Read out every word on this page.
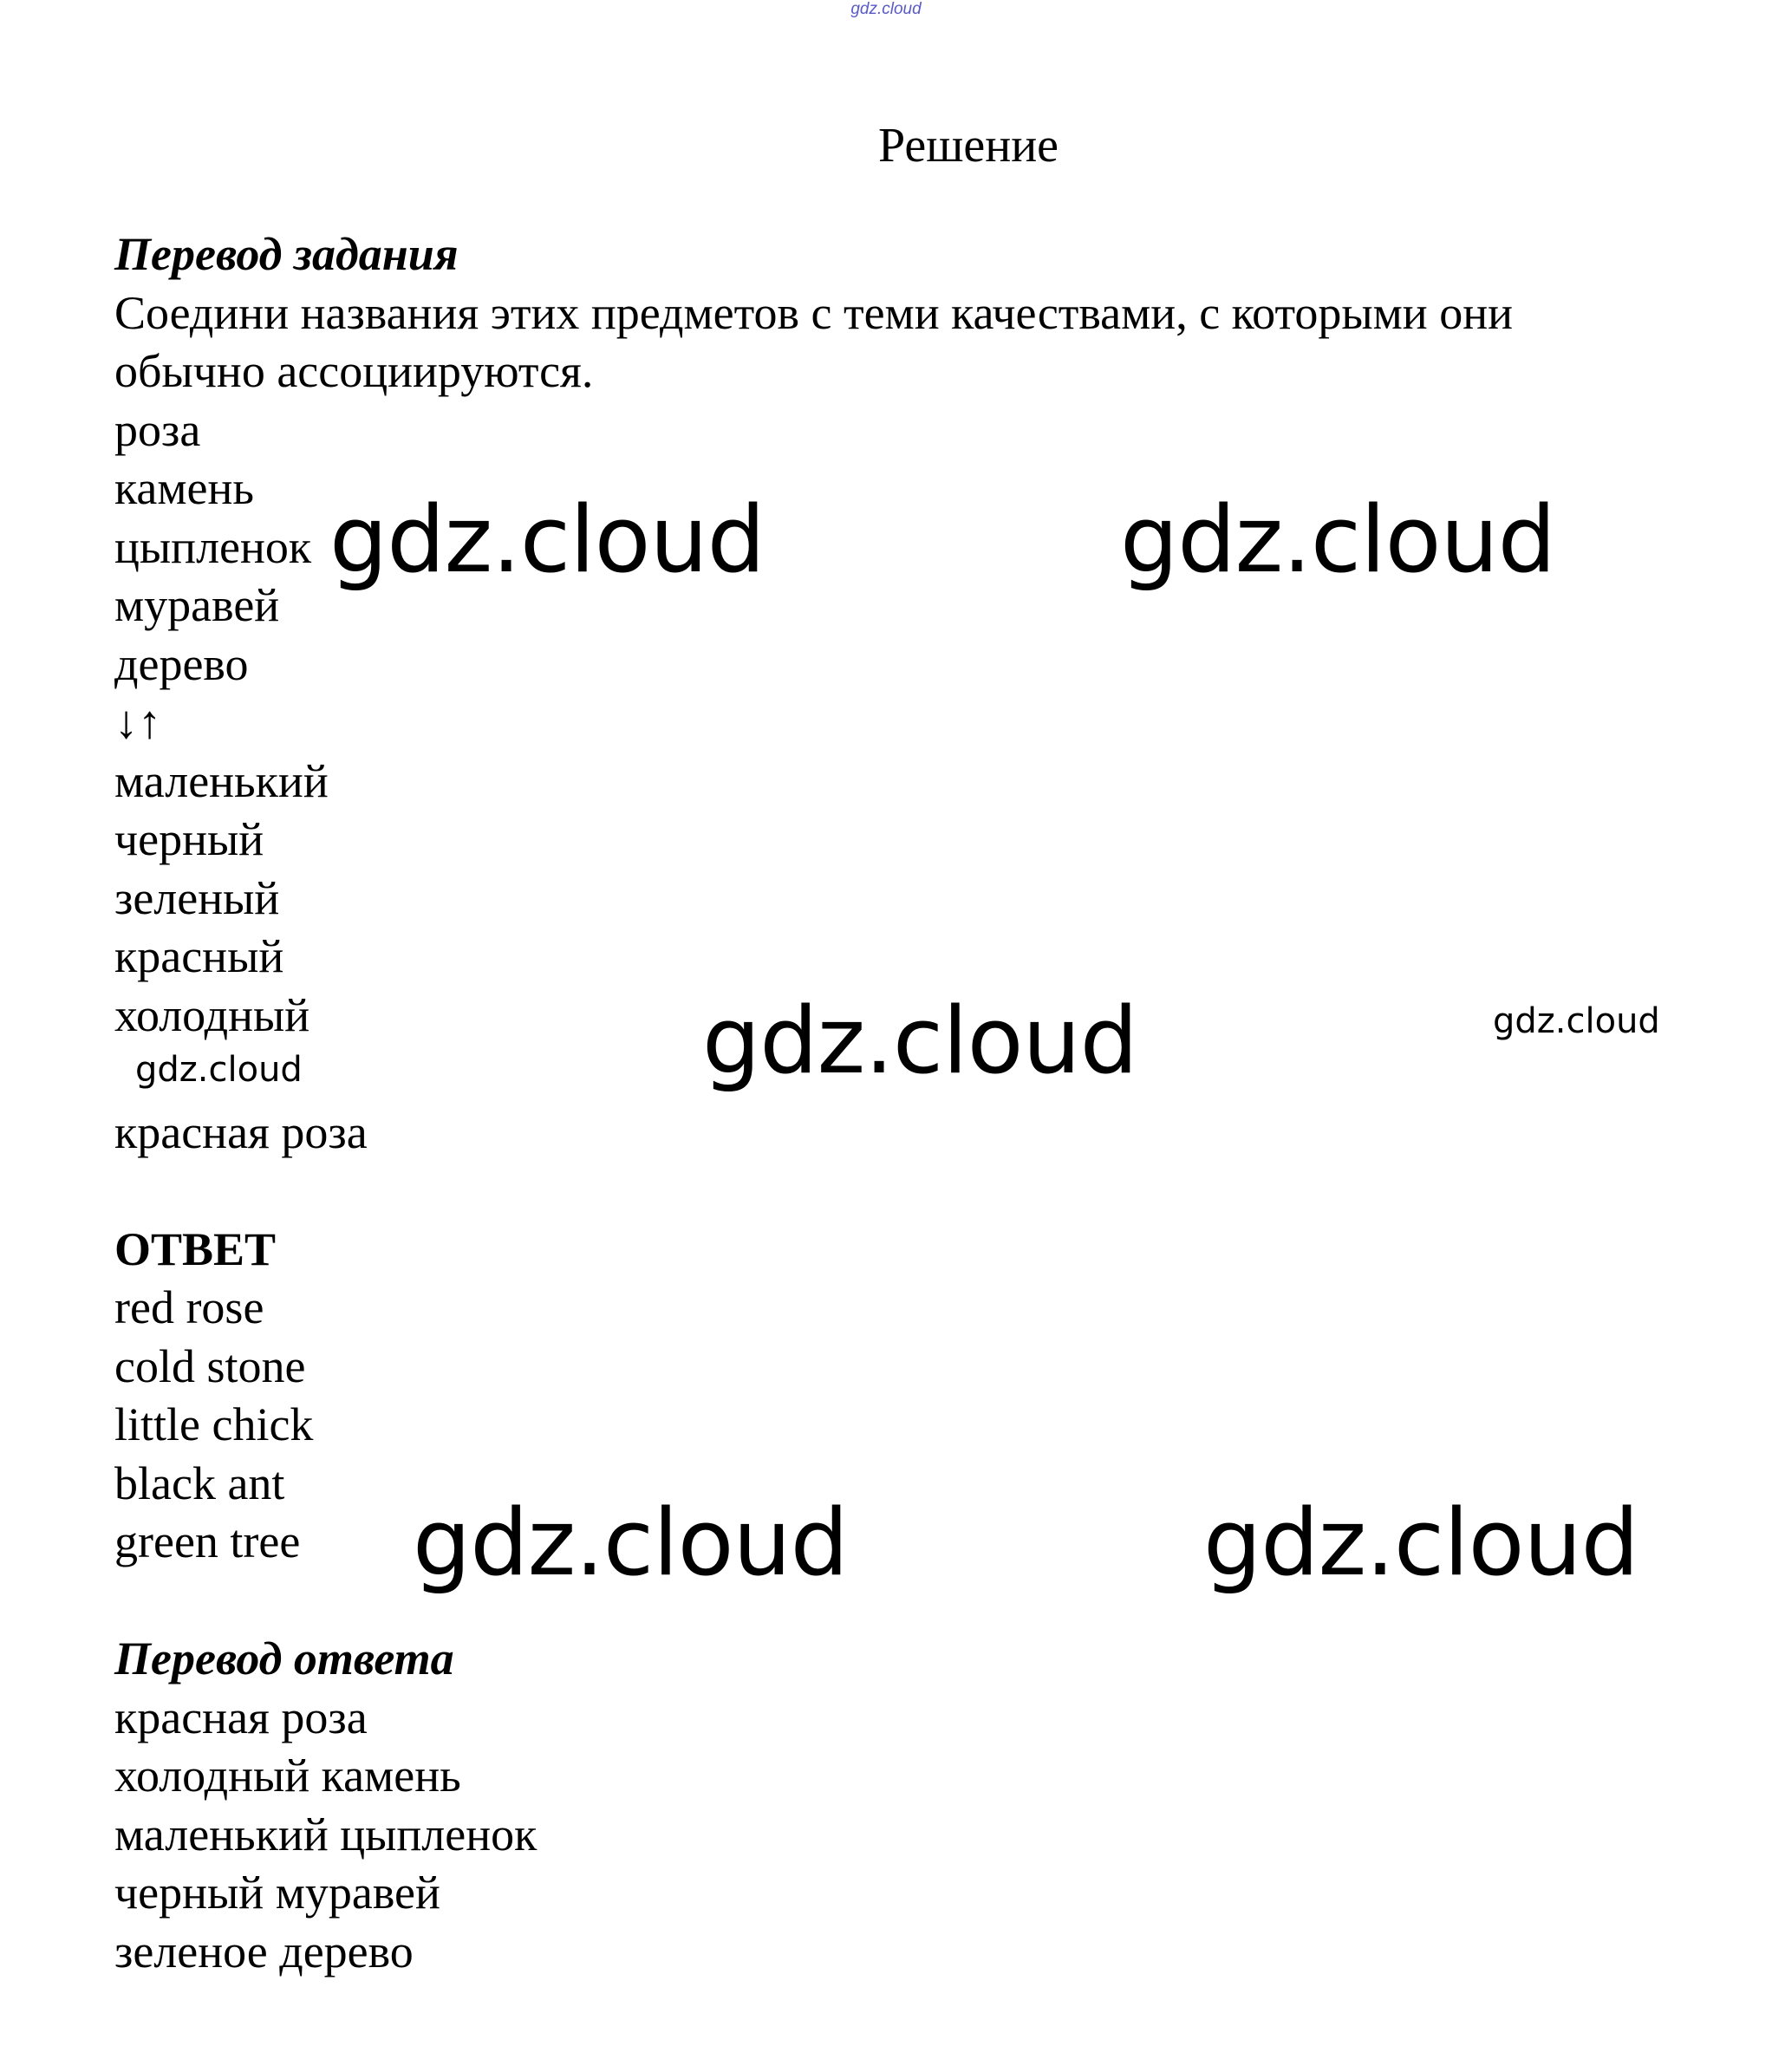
gdz.cloud
Решение

Перевод задания

Соедини названия этих предметов с теми качествами, с которыми они

обычно ассоциируются.

роза

камень

цыпленок

муравей

дерево

↓↑

маленький

черный

зеленый

красный

холодный

красная роза

ОТВЕТ

red rose

cold stone

little chick

black ant

green tree

Перевод ответа

красная роза

холодный камень

маленький цыпленок

черный муравей

зеленое дерево

gdz.cloud	gdz.cloud
gdz.cloud	gdz.cloud
gdz.cloud
gdz.cloud	gdz.cloud
